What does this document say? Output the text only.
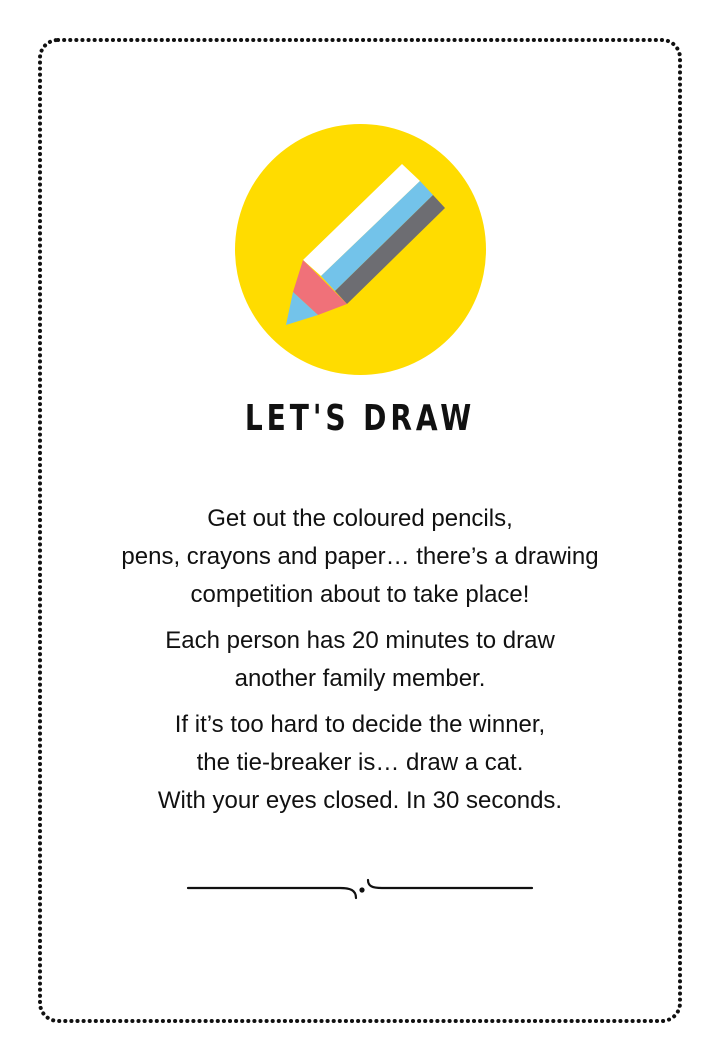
LET'S DRAW

Get out the coloured pencils,
pens, crayons and paper… there’s a drawing
competition about to take place!

Each person has 20 minutes to draw
another family member.

If it’s too hard to decide the winner,
the tie-breaker is… draw a cat.
With your eyes closed. In 30 seconds.
